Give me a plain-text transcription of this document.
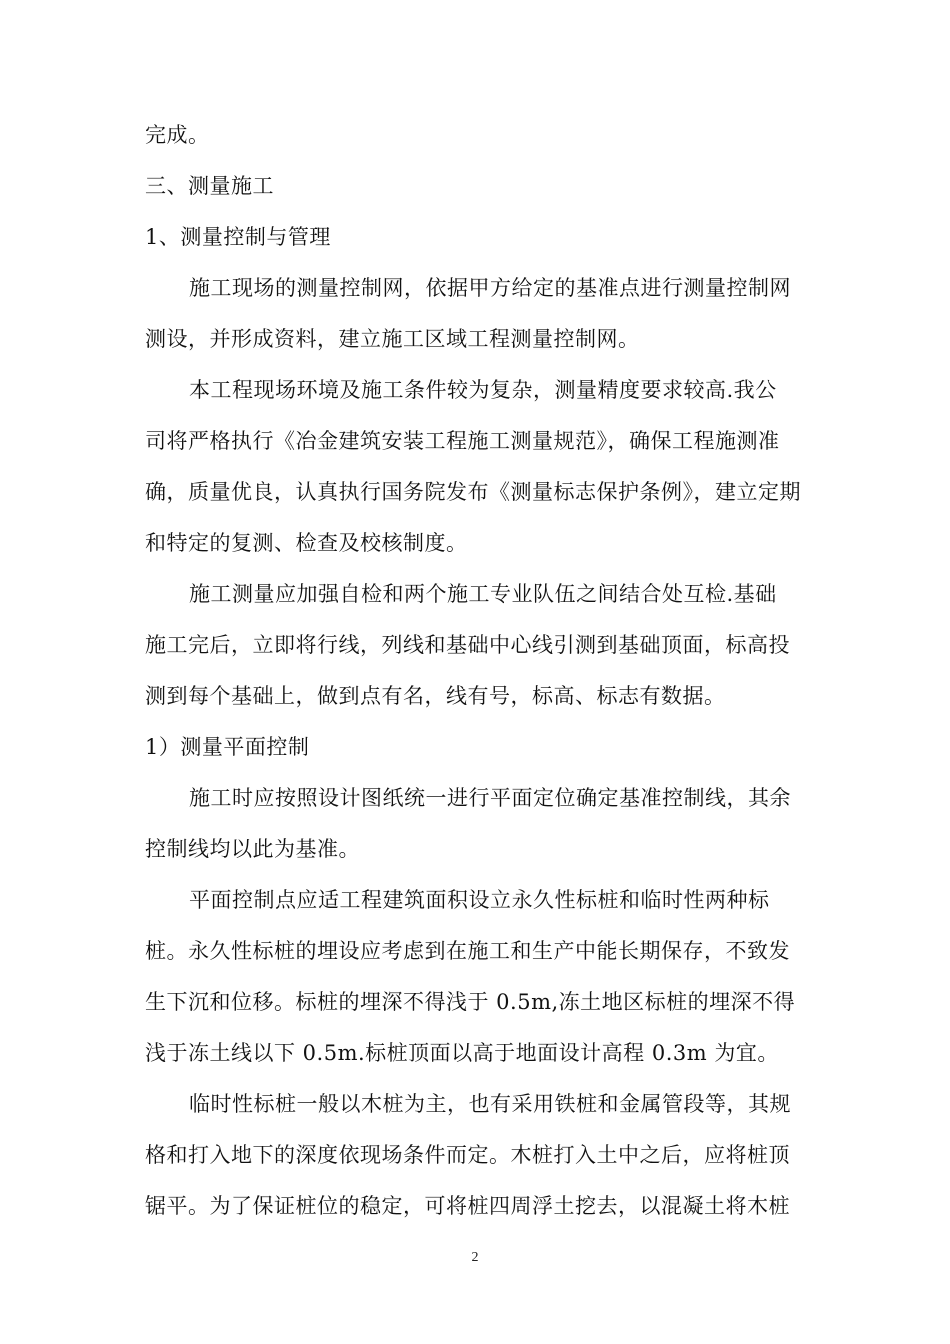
完成。
三、测量施工
1、测量控制与管理
施工现场的测量控制网，依据甲方给定的基准点进行测量控制网
测设，并形成资料，建立施工区域工程测量控制网。
本工程现场环境及施工条件较为复杂，测量精度要求较高.我公
司将严格执行《冶金建筑安装工程施工测量规范》，确保工程施测准
确，质量优良，认真执行国务院发布《测量标志保护条例》，建立定期
和特定的复测、检查及校核制度。
施工测量应加强自检和两个施工专业队伍之间结合处互检.基础
施工完后，立即将行线，列线和基础中心线引测到基础顶面，标高投
测到每个基础上，做到点有名，线有号，标高、标志有数据。
1）测量平面控制
施工时应按照设计图纸统一进行平面定位确定基准控制线，其余
控制线均以此为基准。
平面控制点应适工程建筑面积设立永久性标桩和临时性两种标
桩。永久性标桩的埋设应考虑到在施工和生产中能长期保存，不致发
生下沉和位移。标桩的埋深不得浅于 0.5m,冻土地区标桩的埋深不得
浅于冻土线以下 0.5m.标桩顶面以高于地面设计高程 0.3m 为宜。
临时性标桩一般以木桩为主，也有采用铁桩和金属管段等，其规
格和打入地下的深度依现场条件而定。木桩打入土中之后，应将桩顶
锯平。为了保证桩位的稳定，可将桩四周浮土挖去，以混凝土将木桩
2
